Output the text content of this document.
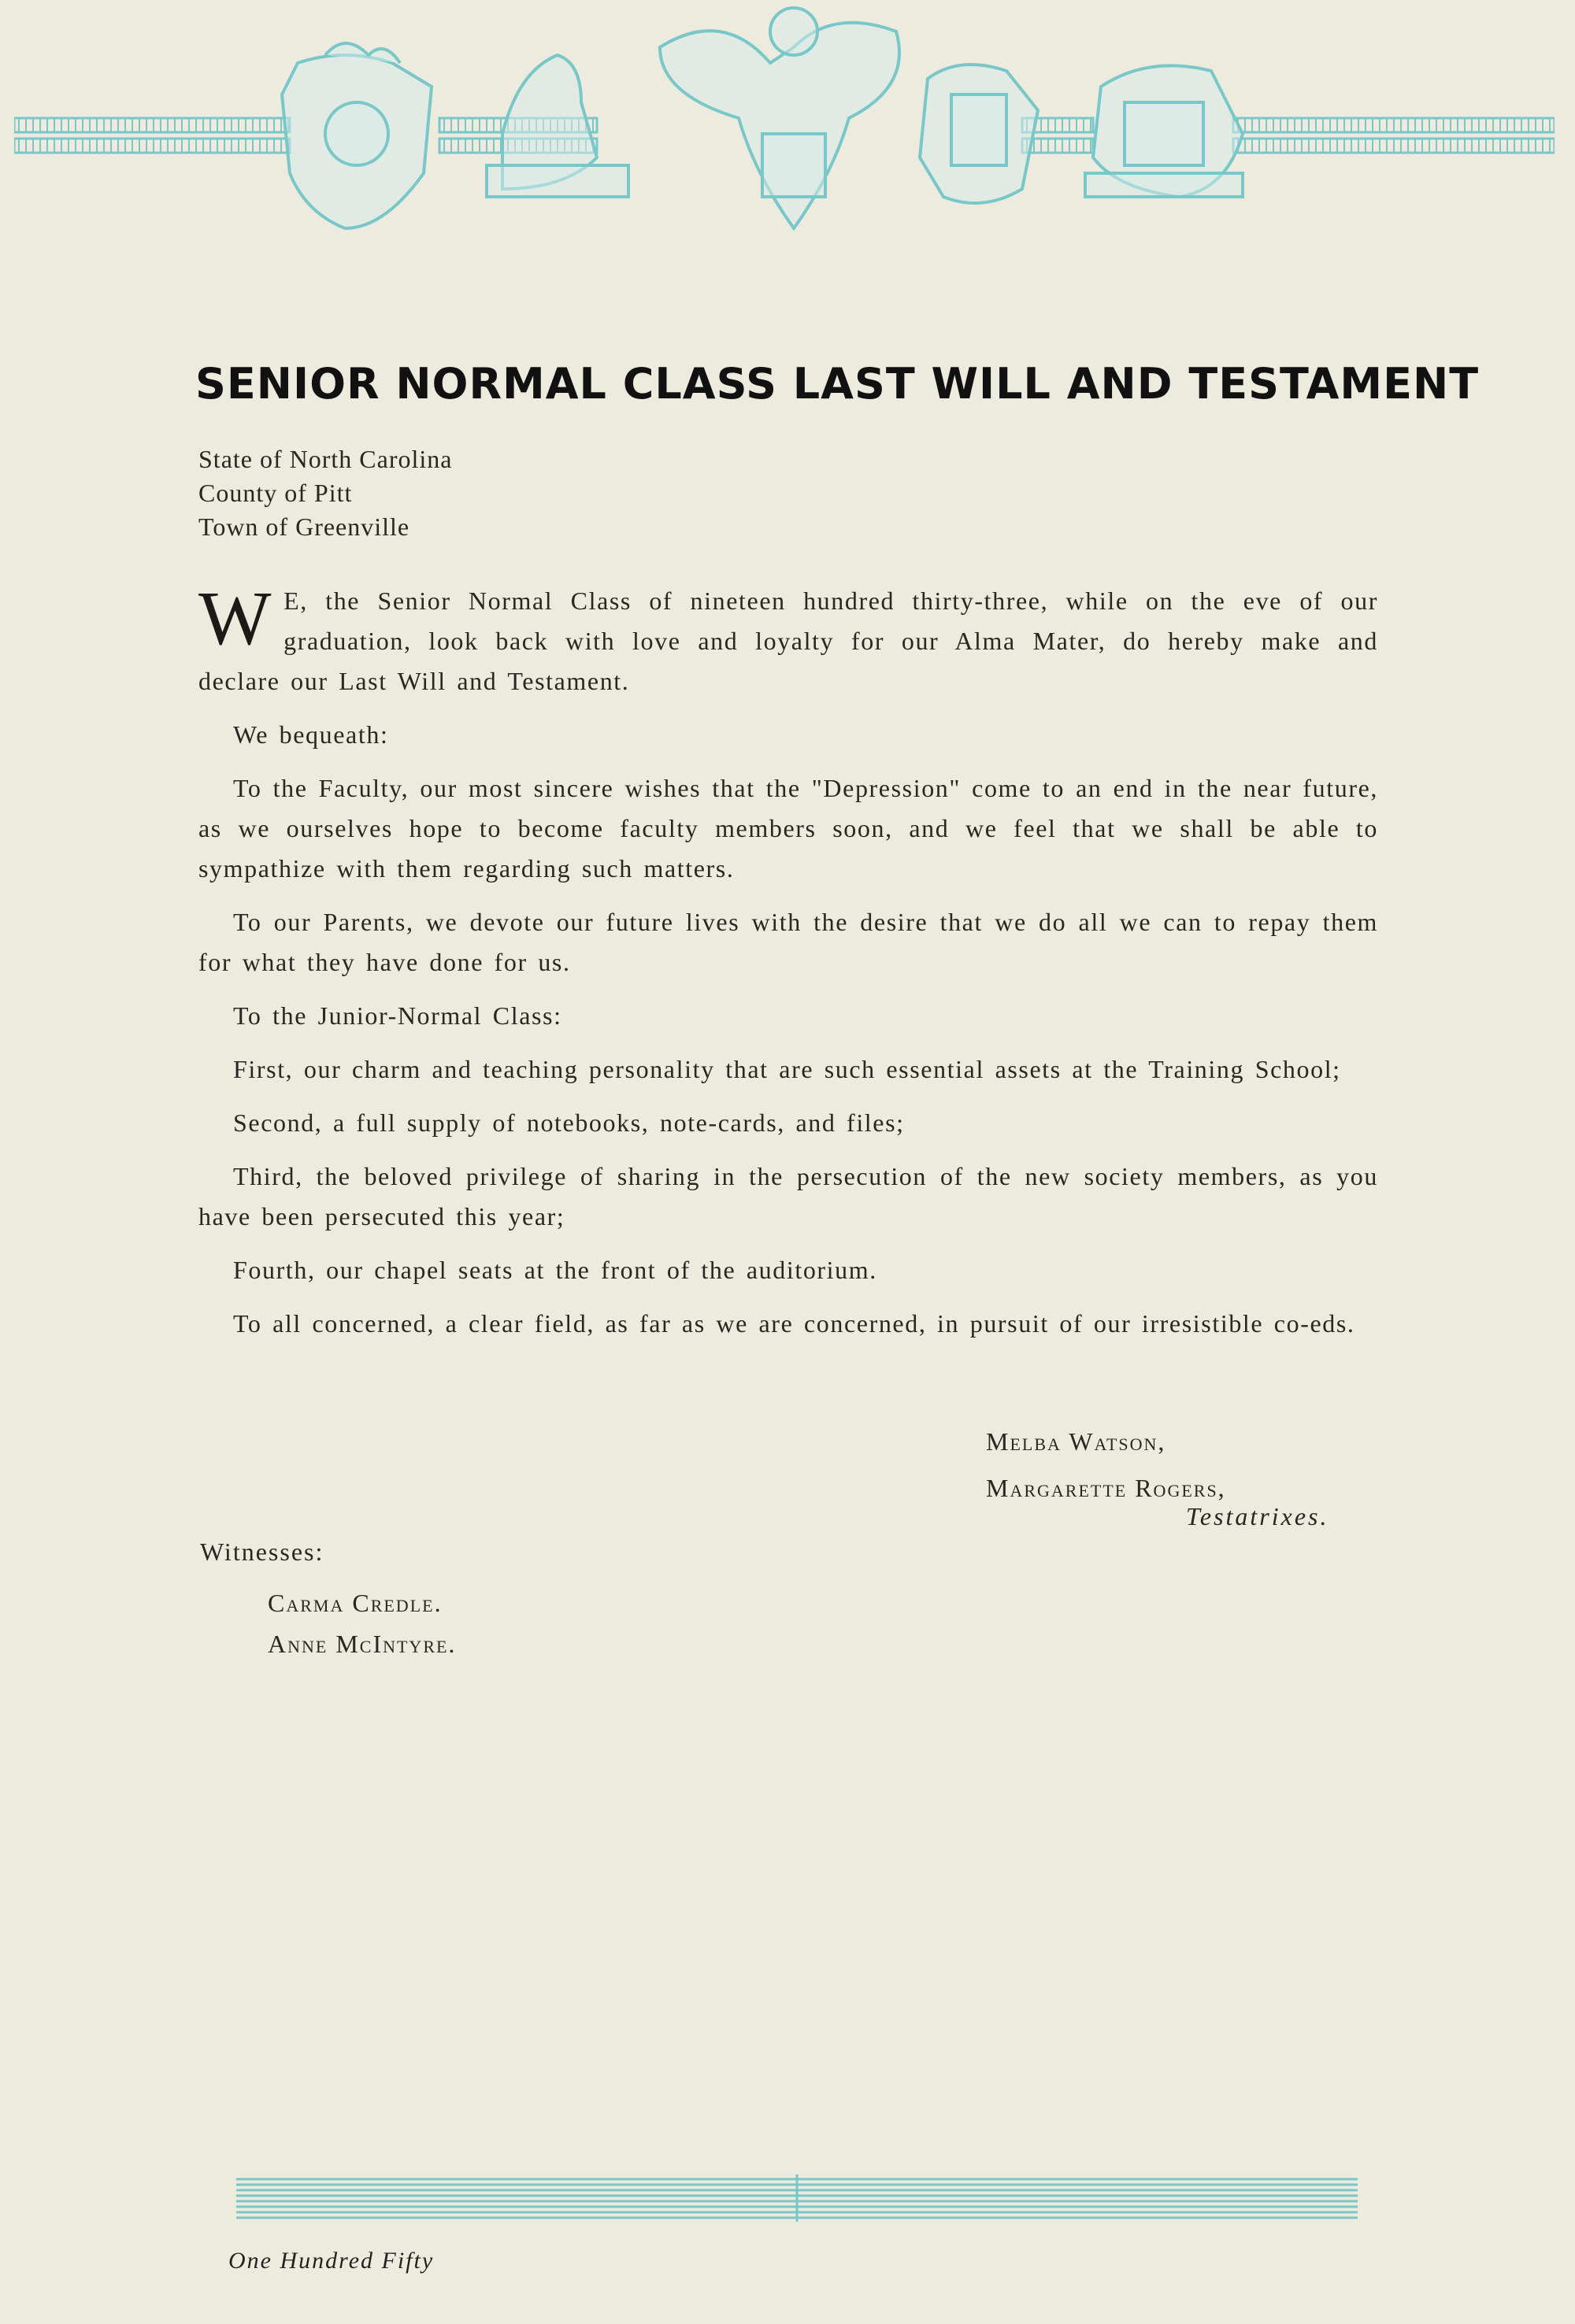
SENIOR NORMAL CLASS LAST WILL AND TESTAMENT
State of North Carolina
County of Pitt
Town of Greenville

W E, the Senior Normal Class of nineteen hundred thirty-three, while on the eve of our graduation, look back with love and loyalty for our Alma Mater, do hereby make and declare our Last Will and Testament.

We bequeath:

To the Faculty, our most sincere wishes that the "Depression" come to an end in the near future, as we ourselves hope to become faculty members soon, and we feel that we shall be able to sympathize with them regarding such matters.

To our Parents, we devote our future lives with the desire that we do all we can to repay them for what they have done for us.

To the Junior-Normal Class:

First, our charm and teaching personality that are such essential assets at the Training School;

Second, a full supply of notebooks, note-cards, and files;

Third, the beloved privilege of sharing in the persecution of the new society members, as you have been persecuted this year;

Fourth, our chapel seats at the front of the auditorium.

To all concerned, a clear field, as far as we are concerned, in pursuit of our irresistible co-eds.

Melba Watson,
Margarette Rogers,
Testatrixes.
Witnesses:
Carma Credle.
Anne McIntyre.
One Hundred Fifty
